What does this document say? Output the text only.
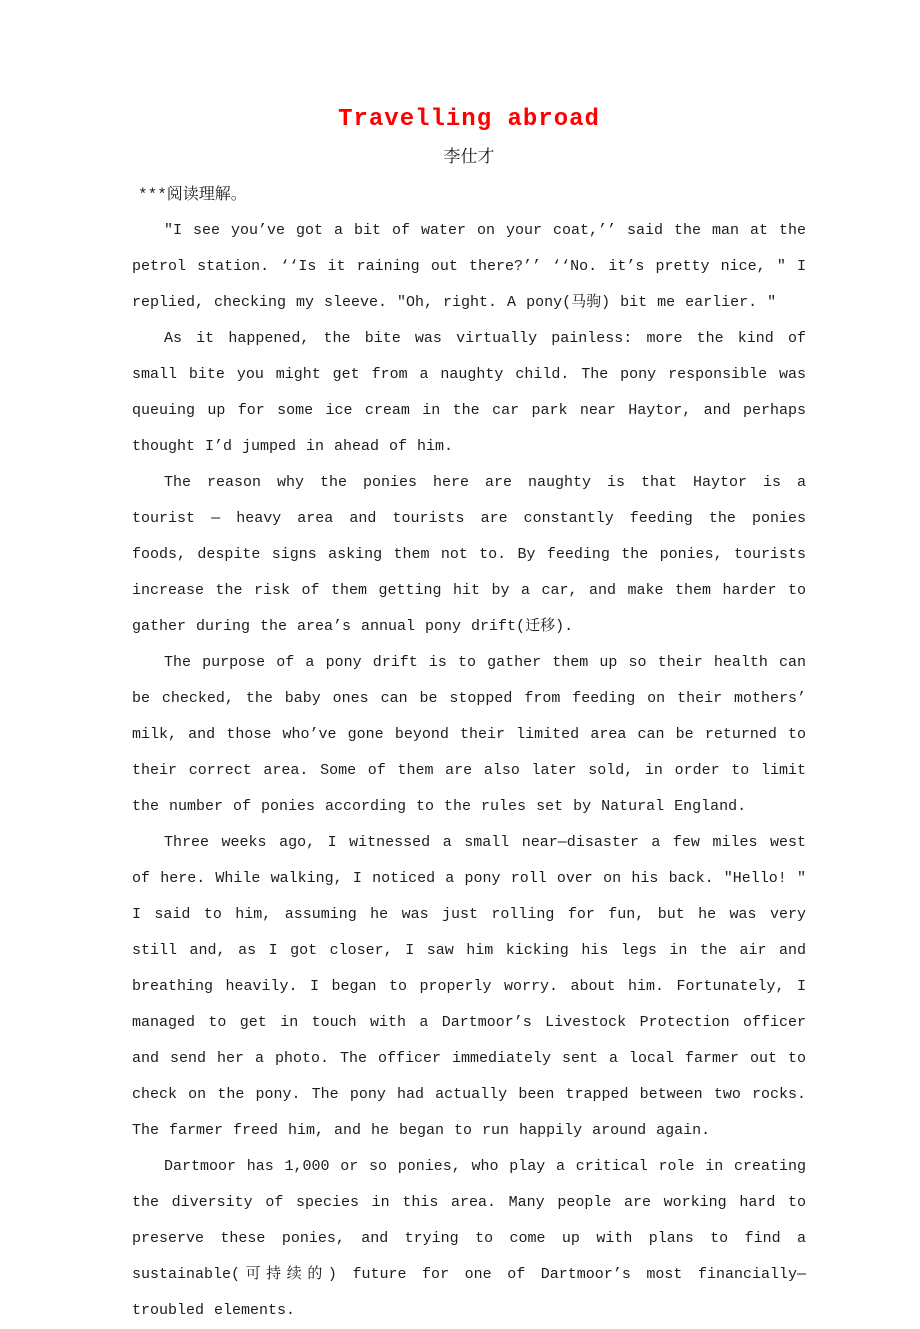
Travelling abroad
李仕才
***阅读理解。

"I see you’ve got a bit of water on your coat,’’ said the man at the petrol station. ‘‘Is it raining out there?’’ ‘‘No. it’s pretty nice, " I replied, checking my sleeve. "Oh, right. A pony(马驹) bit me earlier. "

As it happened, the bite was virtually painless: more the kind of small bite you might get from a naughty child. The pony responsible was queuing up for some ice cream in the car park near Haytor, and perhaps thought I’d jumped in ahead of him.

The reason why the ponies here are naughty is that Haytor is a tourist — heavy area and tourists are constantly feeding the ponies foods, despite signs asking them not to. By feeding the ponies, tourists increase the risk of them getting hit by a car, and make them harder to gather during the area’s annual pony drift(迁移).

The purpose of a pony drift is to gather them up so their health can be checked, the baby ones can be stopped from feeding on their mothers’ milk, and those who’ve gone beyond their limited area can be returned to their correct area. Some of them are also later sold, in order to limit the number of ponies according to the rules set by Natural England.

Three weeks ago, I witnessed a small near—disaster a few miles west of here. While walking, I noticed a pony roll over on his back. "Hello! " I said to him, assuming he was just rolling for fun, but he was very still and, as I got closer, I saw him kicking his legs in the air and breathing heavily. I began to properly worry. about him. Fortunately, I managed to get in touch with a Dartmoor’s Livestock Protection officer and send her a photo. The officer immediately sent a local farmer out to check on the pony. The pony had actually been trapped between two rocks. The farmer freed him, and he began to run happily around again.

Dartmoor has 1,000 or so ponies, who play a critical role in creating the diversity of species in this area. Many people are working hard to preserve these ponies, and trying to come up with plans to find a sustainable(可持续的) future for one of Dartmoor’s most financially—troubled elements.
